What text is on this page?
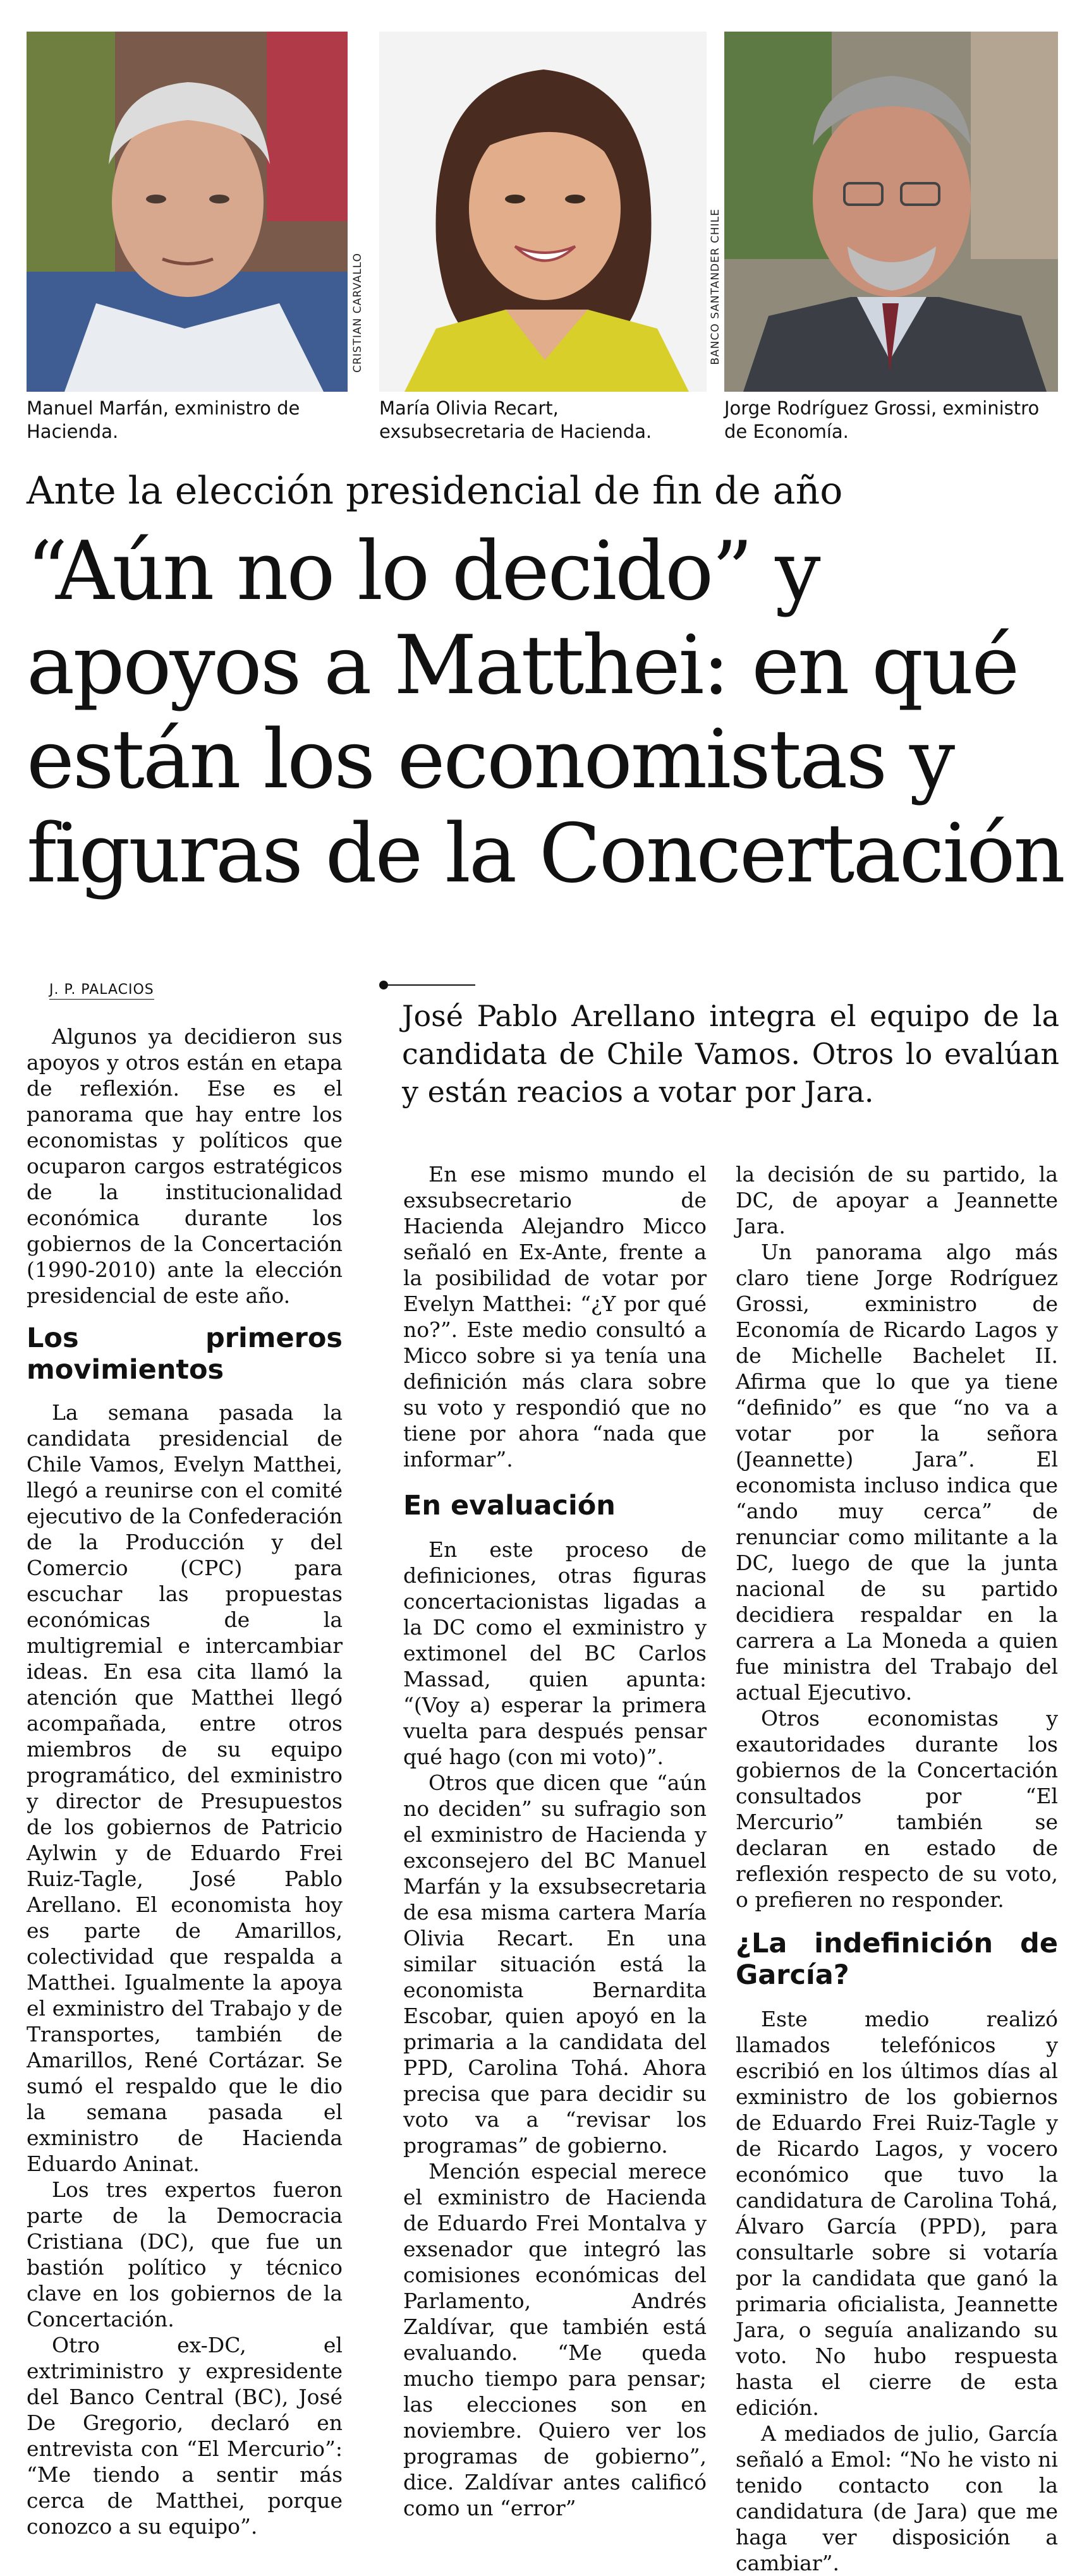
CRISTIAN CARVALLO	BANCO SANTANDER CHILE
Manuel Marfán, exministro de Hacienda.
María Olivia Recart, exsubsecretaria de Hacienda.
Jorge Rodríguez Grossi, exministro de Economía.
Ante la elección presidencial de fin de año
“Aún no lo decido” y apoyos a Matthei: en qué están los economistas y figuras de la Concertación
J. P. PALACIOS
José Pablo Arellano integra el equipo de la candidata de Chile Vamos. Otros lo evalúan y están reacios a votar por Jara.

Algunos ya decidieron sus apoyos y otros están en etapa de reflexión. Ese es el panorama que hay entre los economistas y políticos que ocuparon cargos estratégicos de la institucionalidad económica durante los gobiernos de la Concertación (1990-2010) ante la elección presidencial de este año.

Los primeros movimientos

La semana pasada la candidata presidencial de Chile Vamos, Evelyn Matthei, llegó a reunirse con el comité ejecutivo de la Confederación de la Producción y del Comercio (CPC) para escuchar las propuestas económicas de la multigremial e intercambiar ideas. En esa cita llamó la atención que Matthei llegó acompañada, entre otros miembros de su equipo programático, del exministro y director de Presupuestos de los gobiernos de Patricio Aylwin y de Eduardo Frei Ruiz-Tagle, José Pablo Arellano. El economista hoy es parte de Amarillos, colectividad que respalda a Matthei. Igualmente la apoya el exministro del Trabajo y de Transportes, también de Amarillos, René Cortázar. Se sumó el respaldo que le dio la semana pasada el exministro de Hacienda Eduardo Aninat.

Los tres expertos fueron parte de la Democracia Cristiana (DC), que fue un bastión político y técnico clave en los gobiernos de la Concertación.

Otro ex-DC, el extriministro y expresidente del Banco Central (BC), José De Gregorio, declaró en entrevista con “El Mercurio”: “Me tiendo a sentir más cerca de Matthei, porque conozco a su equipo”.

En ese mismo mundo el exsubsecretario de Hacienda Alejandro Micco señaló en Ex-Ante, frente a la posibilidad de votar por Evelyn Matthei: “¿Y por qué no?”. Este medio consultó a Micco sobre si ya tenía una definición más clara sobre su voto y respondió que no tiene por ahora “nada que informar”.

En evaluación

En este proceso de definiciones, otras figuras concertacionistas ligadas a la DC como el exministro y extimonel del BC Carlos Massad, quien apunta: “(Voy a) esperar la primera vuelta para después pensar qué hago (con mi voto)”.

Otros que dicen que “aún no deciden” su sufragio son el exministro de Hacienda y exconsejero del BC Manuel Marfán y la exsubsecretaria de esa misma cartera María Olivia Recart. En una similar situación está la economista Bernardita Escobar, quien apoyó en la primaria a la candidata del PPD, Carolina Tohá. Ahora precisa que para decidir su voto va a “revisar los programas” de gobierno.

Mención especial merece el exministro de Hacienda de Eduardo Frei Montalva y exsenador que integró las comisiones económicas del Parlamento, Andrés Zaldívar, que también está evaluando. “Me queda mucho tiempo para pensar; las elecciones son en noviembre. Quiero ver los programas de gobierno”, dice. Zaldívar antes calificó como un “error”

la decisión de su partido, la DC, de apoyar a Jeannette Jara.

Un panorama algo más claro tiene Jorge Rodríguez Grossi, exministro de Economía de Ricardo Lagos y de Michelle Bachelet II. Afirma que lo que ya tiene “definido” es que “no va a votar por la señora (Jeannette) Jara”. El economista incluso indica que “ando muy cerca” de renunciar como militante a la DC, luego de que la junta nacional de su partido decidiera respaldar en la carrera a La Moneda a quien fue ministra del Trabajo del actual Ejecutivo.

Otros economistas y exautoridades durante los gobiernos de la Concertación consultados por “El Mercurio” también se declaran en estado de reflexión respecto de su voto, o prefieren no responder.

¿La indefinición de García?

Este medio realizó llamados telefónicos y escribió en los últimos días al exministro de los gobiernos de Eduardo Frei Ruiz-Tagle y de Ricardo Lagos, y vocero económico que tuvo la candidatura de Carolina Tohá, Álvaro García (PPD), para consultarle sobre si votaría por la candidata que ganó la primaria oficialista, Jeannette Jara, o seguía analizando su voto. No hubo respuesta hasta el cierre de esta edición.

A mediados de julio, García señaló a Emol: “No he visto ni tenido contacto con la candidatura (de Jara) que me haga ver disposición a cambiar”.
